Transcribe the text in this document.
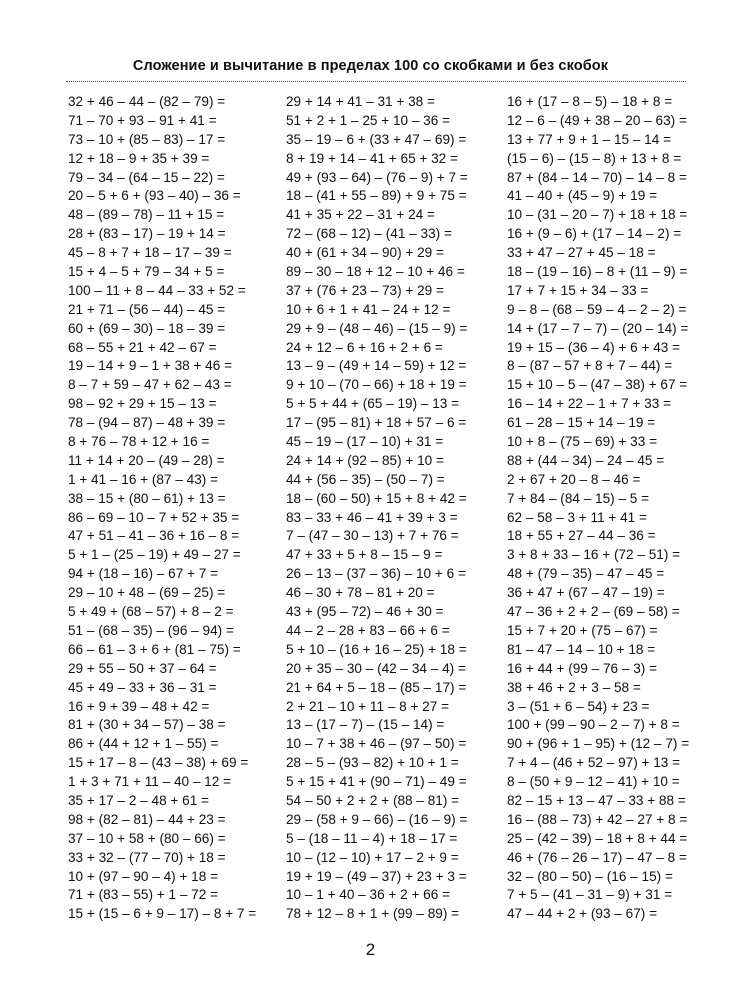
Сложение и вычитание в пределах 100 со скобками и без скобок
32 + 46 – 44 – (82 – 79) =
71 – 70 + 93 – 91 + 41 =
73 – 10 + (85 – 83) – 17 =
12 + 18 – 9 + 35 + 39 =
79 – 34 – (64 – 15 – 22) =
20 – 5 + 6 + (93 – 40) – 36 =
48 – (89 – 78) – 11 + 15 =
28 + (83 – 17) – 19 + 14 =
45 – 8 + 7 + 18 – 17 – 39 =
15 + 4 – 5 + 79 – 34 + 5 =
100 – 11 + 8 – 44 – 33 + 52 =
21 + 71 – (56 – 44) – 45 =
60 + (69 – 30) – 18 – 39 =
68 – 55 + 21 + 42 – 67 =
19 – 14 + 9 – 1 + 38 + 46 =
8 – 7 + 59 – 47 + 62 – 43 =
98 – 92 + 29 + 15 – 13 =
78 – (94 – 87) – 48 + 39 =
8 + 76 – 78 + 12 + 16 =
11 + 14 + 20 – (49 – 28) =
1 + 41 – 16 + (87 – 43) =
38 – 15 + (80 – 61) + 13 =
86 – 69 – 10 – 7 + 52 + 35 =
47 + 51 – 41 – 36 + 16 – 8 =
5 + 1 – (25 – 19) + 49 – 27 =
94 + (18 – 16) – 67 + 7 =
29 – 10 + 48 – (69 – 25) =
5 + 49 + (68 – 57) + 8 – 2 =
51 – (68 – 35) – (96 – 94) =
66 – 61 – 3 + 6 + (81 – 75) =
29 + 55 – 50 + 37 – 64 =
45 + 49 – 33 + 36 – 31 =
16 + 9 + 39 – 48 + 42 =
81 + (30 + 34 – 57) – 38 =
86 + (44 + 12 + 1 – 55) =
15 + 17 – 8 – (43 – 38) + 69 =
1 + 3 + 71 + 11 – 40 – 12 =
35 + 17 – 2 – 48 + 61 =
98 + (82 – 81) – 44 + 23 =
37 – 10 + 58 + (80 – 66) =
33 + 32 – (77 – 70) + 18 =
10 + (97 – 90 – 4) + 18 =
71 + (83 – 55) + 1 – 72 =
15 + (15 – 6 + 9 – 17) – 8 + 7 =
29 + 14 + 41 – 31 + 38 =
51 + 2 + 1 – 25 + 10 – 36 =
35 – 19 – 6 + (33 + 47 – 69) =
8 + 19 + 14 – 41 + 65 + 32 =
49 + (93 – 64) – (76 – 9) + 7 =
18 – (41 + 55 – 89) + 9 + 75 =
41 + 35 + 22 – 31 + 24 =
72 – (68 – 12) – (41 – 33) =
40 + (61 + 34 – 90) + 29 =
89 – 30 – 18 + 12 – 10 + 46 =
37 + (76 + 23 – 73) + 29 =
10 + 6 + 1 + 41 – 24 + 12 =
29 + 9 – (48 – 46) – (15 – 9) =
24 + 12 – 6 + 16 + 2 + 6 =
13 – 9 – (49 + 14 – 59) + 12 =
9 + 10 – (70 – 66) + 18 + 19 =
5 + 5 + 44 + (65 – 19) – 13 =
17 – (95 – 81) + 18 + 57 – 6 =
45 – 19 – (17 – 10) + 31 =
24 + 14 + (92 – 85) + 10 =
44 + (56 – 35) – (50 – 7) =
18 – (60 – 50) + 15 + 8 + 42 =
83 – 33 + 46 – 41 + 39 + 3 =
7 – (47 – 30 – 13) + 7 + 76 =
47 + 33 + 5 + 8 – 15 – 9 =
26 – 13 – (37 – 36) – 10 + 6 =
46 – 30 + 78 – 81 + 20 =
43 + (95 – 72) – 46 + 30 =
44 – 2 – 28 + 83 – 66 + 6 =
5 + 10 – (16 + 16 – 25) + 18 =
20 + 35 – 30 – (42 – 34 – 4) =
21 + 64 + 5 – 18 – (85 – 17) =
2 + 21 – 10 + 11 – 8 + 27 =
13 – (17 – 7) – (15 – 14) =
10 – 7 + 38 + 46 – (97 – 50) =
28 – 5 – (93 – 82) + 10 + 1 =
5 + 15 + 41 + (90 – 71) – 49 =
54 – 50 + 2 + 2 + (88 – 81) =
29 – (58 + 9 – 66) – (16 – 9) =
5 – (18 – 11 – 4) + 18 – 17 =
10 – (12 – 10) + 17 – 2 + 9 =
19 + 19 – (49 – 37) + 23 + 3 =
10 – 1 + 40 – 36 + 2 + 66 =
78 + 12 – 8 + 1 + (99 – 89) =
16 + (17 – 8 – 5) – 18 + 8 =
12 – 6 – (49 + 38 – 20 – 63) =
13 + 77 + 9 + 1 – 15 – 14 =
(15 – 6) – (15 – 8) + 13 + 8 =
87 + (84 – 14 – 70) – 14 – 8 =
41 – 40 + (45 – 9) + 19 =
10 – (31 – 20 – 7) + 18 + 18 =
16 + (9 – 6) + (17 – 14 – 2) =
33 + 47 – 27 + 45 – 18 =
18 – (19 – 16) – 8 + (11 – 9) =
17 + 7 + 15 + 34 – 33 =
9 – 8 – (68 – 59 – 4 – 2 – 2) =
14 + (17 – 7 – 7) – (20 – 14) =
19 + 15 – (36 – 4) + 6 + 43 =
8 – (87 – 57 + 8 + 7 – 44) =
15 + 10 – 5 – (47 – 38) + 67 =
16 – 14 + 22 – 1 + 7 + 33 =
61 – 28 – 15 + 14 – 19 =
10 + 8 – (75 – 69) + 33 =
88 + (44 – 34) – 24 – 45 =
2 + 67 + 20 – 8 – 46 =
7 + 84 – (84 – 15) – 5 =
62 – 58 – 3 + 11 + 41 =
18 + 55 + 27 – 44 – 36 =
3 + 8 + 33 – 16 + (72 – 51) =
48 + (79 – 35) – 47 – 45 =
36 + 47 + (67 – 47 – 19) =
47 – 36 + 2 + 2 – (69 – 58) =
15 + 7 + 20 + (75 – 67) =
81 – 47 – 14 – 10 + 18 =
16 + 44 + (99 – 76 – 3) =
38 + 46 + 2 + 3 – 58 =
3 – (51 + 6 – 54) + 23 =
100 + (99 – 90 – 2 – 7) + 8 =
90 + (96 + 1 – 95) + (12 – 7) =
7 + 4 – (46 + 52 – 97) + 13 =
8 – (50 + 9 – 12 – 41) + 10 =
82 – 15 + 13 – 47 – 33 + 88 =
16 – (88 – 73) + 42 – 27 + 8 =
25 – (42 – 39) – 18 + 8 + 44 =
46 + (76 – 26 – 17) – 47 – 8 =
32 – (80 – 50) – (16 – 15) =
7 + 5 – (41 – 31 – 9) + 31 =
47 – 44 + 2 + (93 – 67) =
2
